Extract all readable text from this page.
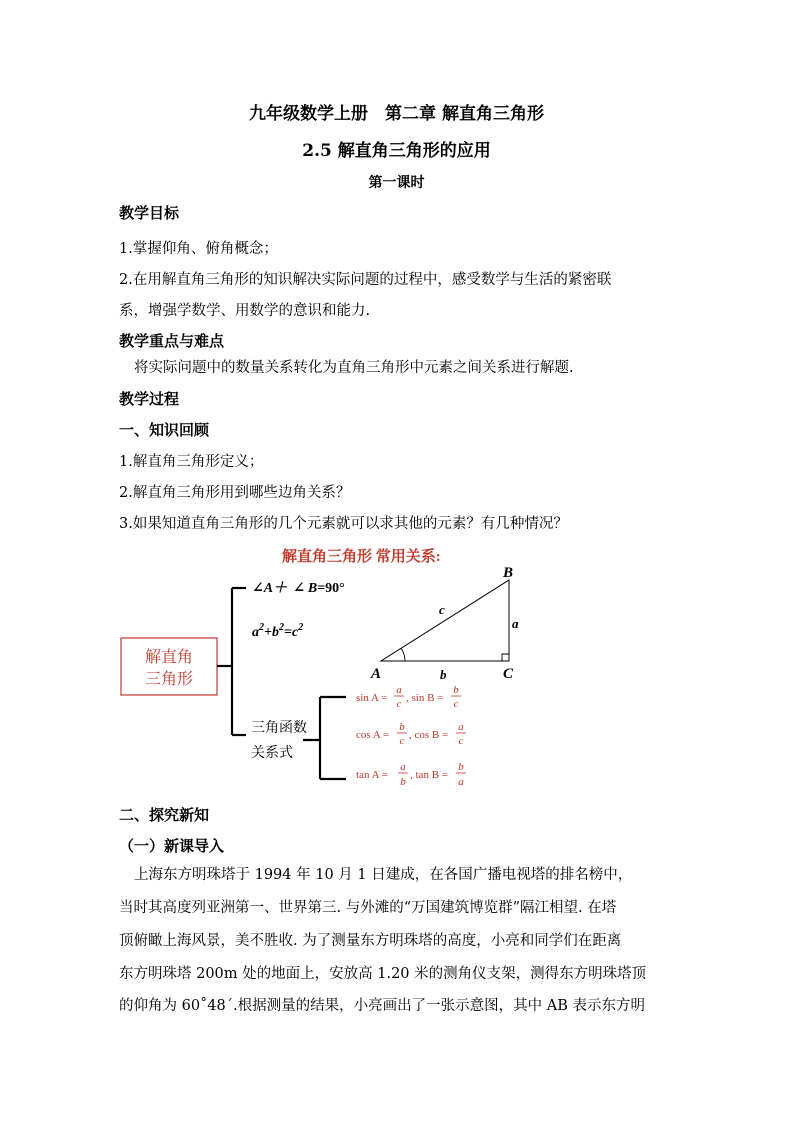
九年级数学上册　第二章 解直角三角形
2.5 解直角三角形的应用
第一课时
教学目标
1.掌握仰角、俯角概念；
2.在用解直角三角形的知识解决实际问题的过程中，感受数学与生活的紧密联
系，增强学数学、用数学的意识和能力.
教学重点与难点
将实际问题中的数量关系转化为直角三角形中元素之间关系进行解题.
教学过程
一、知识回顾
1.解直角三角形定义；
2.解直角三角形用到哪些边角关系？
3.如果知道直角三角形的几个元素就可以求其他的元素？有几种情况？
解直角三角形 常用关系:
解直角
三角形
∠A＋ ∠ B=90°
$a^2+b^2=c^2$
三角函数
关系式
sin A =
a
c , sin B =
b
c
cos A =
b
c , cos B =
a
c
tan A =
a
b
, tan B =
b
a
A
B
C
c
a
b
二、探究新知
（一）新课导入
上海东方明珠塔于 1994 年 10 月 1 日建成，在各国广播电视塔的排名榜中，
当时其高度列亚洲第一、世界第三. 与外滩的“万国建筑博览群”隔江相望. 在塔
顶俯瞰上海风景，美不胜收. 为了测量东方明珠塔的高度，小亮和同学们在距离
东方明珠塔 200m 处的地面上，安放高 1.20 米的测角仪支架，测得东方明珠塔顶
的仰角为 60˚48´.根据测量的结果，小亮画出了一张示意图，其中 AB 表示东方明
